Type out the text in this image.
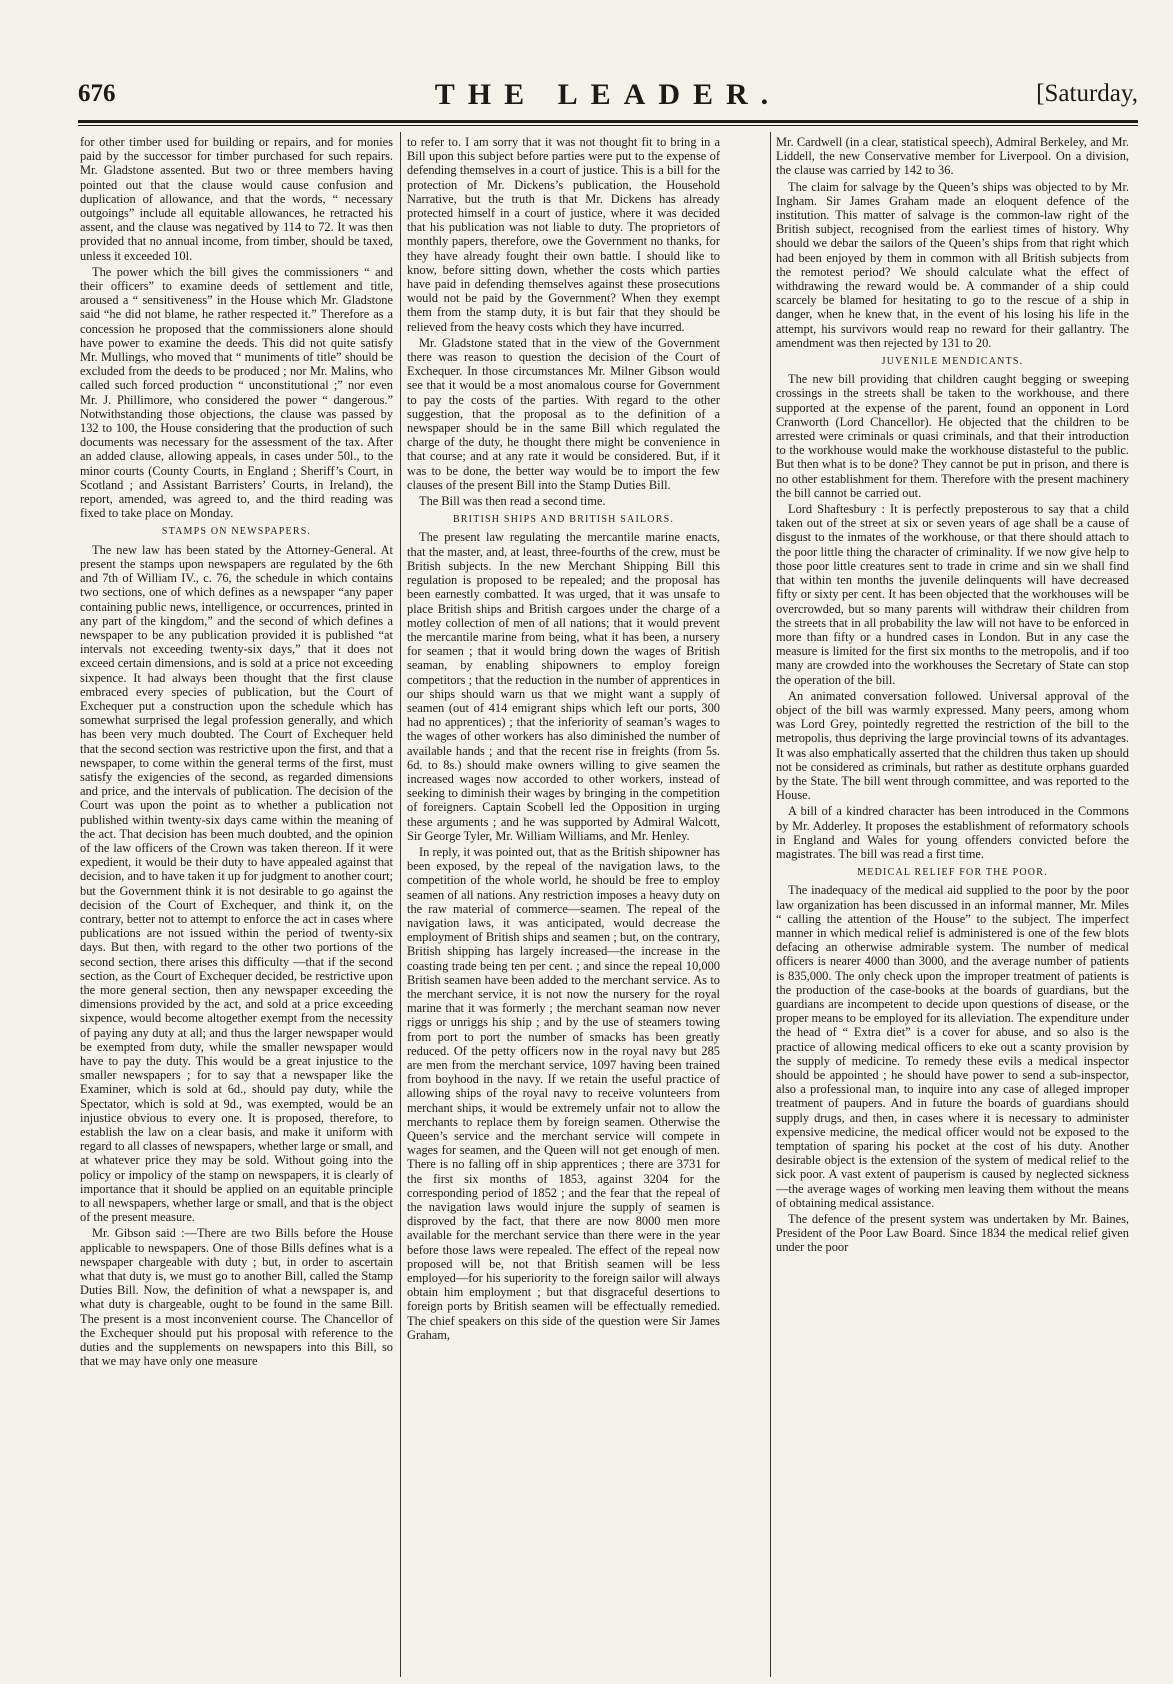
676	THE LEADER.	[Saturday,

for other timber used for building or repairs, and for monies paid by the successor for timber purchased for such repairs. Mr. Gladstone assented. But two or three members having pointed out that the clause would cause confusion and duplication of allowance, and that the words, “ necessary outgoings” include all equitable allowances, he retracted his assent, and the clause was negatived by 114 to 72. It was then provided that no annual income, from timber, should be taxed, unless it exceeded 10l.

The power which the bill gives the commissioners “ and their officers” to examine deeds of settlement and title, aroused a “ sensitiveness” in the House which Mr. Gladstone said “he did not blame, he rather respected it.” Therefore as a concession he proposed that the commissioners alone should have power to examine the deeds. This did not quite satisfy Mr. Mullings, who moved that “ muniments of title” should be excluded from the deeds to be produced ; nor Mr. Malins, who called such forced production “ unconstitutional ;” nor even Mr. J. Phillimore, who considered the power “ dangerous.” Notwithstanding those objections, the clause was passed by 132 to 100, the House considering that the production of such documents was necessary for the assessment of the tax. After an added clause, allowing appeals, in cases under 50l., to the minor courts (County Courts, in England ; Sheriff’s Court, in Scotland ; and Assistant Barristers’ Courts, in Ireland), the report, amended, was agreed to, and the third reading was fixed to take place on Monday.

STAMPS ON NEWSPAPERS.

The new law has been stated by the Attorney-General. At present the stamps upon newspapers are regulated by the 6th and 7th of William IV., c. 76, the schedule in which contains two sections, one of which defines as a newspaper “any paper containing public news, intelligence, or occurrences, printed in any part of the kingdom,” and the second of which defines a newspaper to be any publication provided it is published “at intervals not exceeding twenty-six days,” that it does not exceed certain dimensions, and is sold at a price not exceeding sixpence. It had always been thought that the first clause embraced every species of publication, but the Court of Exchequer put a construction upon the schedule which has somewhat surprised the legal profession generally, and which has been very much doubted. The Court of Exchequer held that the second section was restrictive upon the first, and that a newspaper, to come within the general terms of the first, must satisfy the exigencies of the second, as regarded dimensions and price, and the intervals of publication. The decision of the Court was upon the point as to whether a publication not published within twenty-six days came within the meaning of the act. That decision has been much doubted, and the opinion of the law officers of the Crown was taken thereon. If it were expedient, it would be their duty to have appealed against that decision, and to have taken it up for judgment to another court; but the Government think it is not desirable to go against the decision of the Court of Exchequer, and think it, on the contrary, better not to attempt to enforce the act in cases where publications are not issued within the period of twenty-six days. But then, with regard to the other two portions of the second section, there arises this difficulty —that if the second section, as the Court of Exchequer decided, be restrictive upon the more general section, then any newspaper exceeding the dimensions provided by the act, and sold at a price exceeding sixpence, would become altogether exempt from the necessity of paying any duty at all; and thus the larger newspaper would be exempted from duty, while the smaller newspaper would have to pay the duty. This would be a great injustice to the smaller newspapers ; for to say that a newspaper like the Examiner, which is sold at 6d., should pay duty, while the Spectator, which is sold at 9d., was exempted, would be an injustice obvious to every one. It is proposed, therefore, to establish the law on a clear basis, and make it uniform with regard to all classes of newspapers, whether large or small, and at whatever price they may be sold. Without going into the policy or impolicy of the stamp on newspapers, it is clearly of importance that it should be applied on an equitable principle to all newspapers, whether large or small, and that is the object of the present measure.

Mr. Gibson said :—There are two Bills before the House applicable to newspapers. One of those Bills defines what is a newspaper chargeable with duty ; but, in order to ascertain what that duty is, we must go to another Bill, called the Stamp Duties Bill. Now, the definition of what a newspaper is, and what duty is chargeable, ought to be found in the same Bill. The present is a most inconvenient course. The Chancellor of the Exchequer should put his proposal with reference to the duties and the supplements on newspapers into this Bill, so that we may have only one measure

to refer to. I am sorry that it was not thought fit to bring in a Bill upon this subject before parties were put to the expense of defending themselves in a court of justice. This is a bill for the protection of Mr. Dickens’s publication, the Household Narrative, but the truth is that Mr. Dickens has already protected himself in a court of justice, where it was decided that his publication was not liable to duty. The proprietors of monthly papers, therefore, owe the Government no thanks, for they have already fought their own battle. I should like to know, before sitting down, whether the costs which parties have paid in defending themselves against these prosecutions would not be paid by the Government? When they exempt them from the stamp duty, it is but fair that they should be relieved from the heavy costs which they have incurred.

Mr. Gladstone stated that in the view of the Government there was reason to question the decision of the Court of Exchequer. In those circumstances Mr. Milner Gibson would see that it would be a most anomalous course for Government to pay the costs of the parties. With regard to the other suggestion, that the proposal as to the definition of a newspaper should be in the same Bill which regulated the charge of the duty, he thought there might be convenience in that course; and at any rate it would be considered. But, if it was to be done, the better way would be to import the few clauses of the present Bill into the Stamp Duties Bill.

The Bill was then read a second time.

BRITISH SHIPS AND BRITISH SAILORS.

The present law regulating the mercantile marine enacts, that the master, and, at least, three-fourths of the crew, must be British subjects. In the new Merchant Shipping Bill this regulation is proposed to be repealed; and the proposal has been earnestly combatted. It was urged, that it was unsafe to place British ships and British cargoes under the charge of a motley collection of men of all nations; that it would prevent the mercantile marine from being, what it has been, a nursery for seamen ; that it would bring down the wages of British seaman, by enabling shipowners to employ foreign competitors ; that the reduction in the number of apprentices in our ships should warn us that we might want a supply of seamen (out of 414 emigrant ships which left our ports, 300 had no apprentices) ; that the inferiority of seaman’s wages to the wages of other workers has also diminished the number of available hands ; and that the recent rise in freights (from 5s. 6d. to 8s.) should make owners willing to give seamen the increased wages now accorded to other workers, instead of seeking to diminish their wages by bringing in the competition of foreigners. Captain Scobell led the Opposition in urging these arguments ; and he was supported by Admiral Walcott, Sir George Tyler, Mr. William Williams, and Mr. Henley.

In reply, it was pointed out, that as the British shipowner has been exposed, by the repeal of the navigation laws, to the competition of the whole world, he should be free to employ seamen of all nations. Any restriction imposes a heavy duty on the raw material of commerce—seamen. The repeal of the navigation laws, it was anticipated, would decrease the employment of British ships and seamen ; but, on the contrary, British shipping has largely increased—the increase in the coasting trade being ten per cent. ; and since the repeal 10,000 British seamen have been added to the merchant service. As to the merchant service, it is not now the nursery for the royal marine that it was formerly ; the merchant seaman now never riggs or unriggs his ship ; and by the use of steamers towing from port to port the number of smacks has been greatly reduced. Of the petty officers now in the royal navy but 285 are men from the merchant service, 1097 having been trained from boyhood in the navy. If we retain the useful practice of allowing ships of the royal navy to receive volunteers from merchant ships, it would be extremely unfair not to allow the merchants to replace them by foreign seamen. Otherwise the Queen’s service and the merchant service will compete in wages for seamen, and the Queen will not get enough of men. There is no falling off in ship apprentices ; there are 3731 for the first six months of 1853, against 3204 for the corresponding period of 1852 ; and the fear that the repeal of the navigation laws would injure the supply of seamen is disproved by the fact, that there are now 8000 men more available for the merchant service than there were in the year before those laws were repealed. The effect of the repeal now proposed will be, not that British seamen will be less employed—for his superiority to the foreign sailor will always obtain him employment ; but that disgraceful desertions to foreign ports by British seamen will be effectually remedied. The chief speakers on this side of the question were Sir James Graham,

Mr. Cardwell (in a clear, statistical speech), Admiral Berkeley, and Mr. Liddell, the new Conservative member for Liverpool. On a division, the clause was carried by 142 to 36.

The claim for salvage by the Queen’s ships was objected to by Mr. Ingham. Sir James Graham made an eloquent defence of the institution. This matter of salvage is the common-law right of the British subject, recognised from the earliest times of history. Why should we debar the sailors of the Queen’s ships from that right which had been enjoyed by them in common with all British subjects from the remotest period? We should calculate what the effect of withdrawing the reward would be. A commander of a ship could scarcely be blamed for hesitating to go to the rescue of a ship in danger, when he knew that, in the event of his losing his life in the attempt, his survivors would reap no reward for their gallantry. The amendment was then rejected by 131 to 20.

JUVENILE MENDICANTS.

The new bill providing that children caught begging or sweeping crossings in the streets shall be taken to the workhouse, and there supported at the expense of the parent, found an opponent in Lord Cranworth (Lord Chancellor). He objected that the children to be arrested were criminals or quasi criminals, and that their introduction to the workhouse would make the workhouse distasteful to the public. But then what is to be done? They cannot be put in prison, and there is no other establishment for them. Therefore with the present machinery the bill cannot be carried out.

Lord Shaftesbury : It is perfectly preposterous to say that a child taken out of the street at six or seven years of age shall be a cause of disgust to the inmates of the workhouse, or that there should attach to the poor little thing the character of criminality. If we now give help to those poor little creatures sent to trade in crime and sin we shall find that within ten months the juvenile delinquents will have decreased fifty or sixty per cent. It has been objected that the workhouses will be overcrowded, but so many parents will withdraw their children from the streets that in all probability the law will not have to be enforced in more than fifty or a hundred cases in London. But in any case the measure is limited for the first six months to the metropolis, and if too many are crowded into the workhouses the Secretary of State can stop the operation of the bill.

An animated conversation followed. Universal approval of the object of the bill was warmly expressed. Many peers, among whom was Lord Grey, pointedly regretted the restriction of the bill to the metropolis, thus depriving the large provincial towns of its advantages. It was also emphatically asserted that the children thus taken up should not be considered as criminals, but rather as destitute orphans guarded by the State. The bill went through committee, and was reported to the House.

A bill of a kindred character has been introduced in the Commons by Mr. Adderley. It proposes the establishment of reformatory schools in England and Wales for young offenders convicted before the magistrates. The bill was read a first time.

MEDICAL RELIEF FOR THE POOR.

The inadequacy of the medical aid supplied to the poor by the poor law organization has been discussed in an informal manner, Mr. Miles “ calling the attention of the House” to the subject. The imperfect manner in which medical relief is administered is one of the few blots defacing an otherwise admirable system. The number of medical officers is nearer 4000 than 3000, and the average number of patients is 835,000. The only check upon the improper treatment of patients is the production of the case-books at the boards of guardians, but the guardians are incompetent to decide upon questions of disease, or the proper means to be employed for its alleviation. The expenditure under the head of “ Extra diet” is a cover for abuse, and so also is the practice of allowing medical officers to eke out a scanty provision by the supply of medicine. To remedy these evils a medical inspector should be appointed ; he should have power to send a sub-inspector, also a professional man, to inquire into any case of alleged improper treatment of paupers. And in future the boards of guardians should supply drugs, and then, in cases where it is necessary to administer expensive medicine, the medical officer would not be exposed to the temptation of sparing his pocket at the cost of his duty. Another desirable object is the extension of the system of medical relief to the sick poor. A vast extent of pauperism is caused by neglected sickness—the average wages of working men leaving them without the means of obtaining medical assistance.

The defence of the present system was undertaken by Mr. Baines, President of the Poor Law Board. Since 1834 the medical relief given under the poor
